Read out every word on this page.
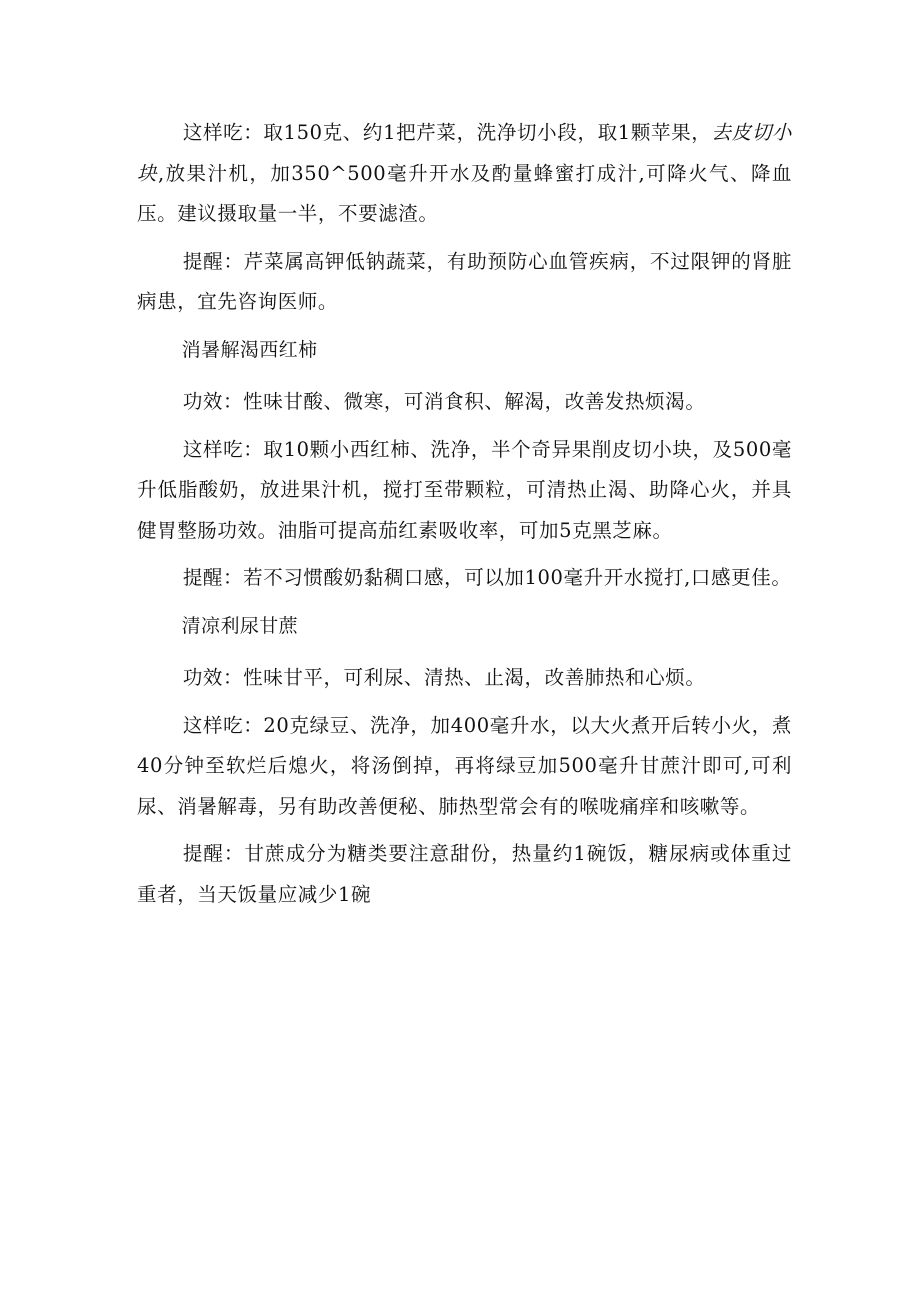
这样吃：取150克、约1把芹菜，洗净切小段，取1颗苹果，去皮切小块,放果汁机，加350^500毫升开水及酌量蜂蜜打成汁,可降火气、降血压。建议摄取量一半，不要滤渣。

提醒：芹菜属高钾低钠蔬菜，有助预防心血管疾病，不过限钾的肾脏病患，宜先咨询医师。

消暑解渴西红柿

功效：性味甘酸、微寒，可消食积、解渴，改善发热烦渴。

这样吃：取10颗小西红柿、洗净，半个奇异果削皮切小块，及500毫升低脂酸奶，放进果汁机，搅打至带颗粒，可清热止渴、助降心火，并具健胃整肠功效。油脂可提高茄红素吸收率，可加5克黑芝麻。

提醒：若不习惯酸奶黏稠口感，可以加100毫升开水搅打,口感更佳。

清凉利尿甘蔗

功效：性味甘平，可利尿、清热、止渴，改善肺热和心烦。

这样吃：20克绿豆、洗净，加400毫升水，以大火煮开后转小火，煮40分钟至软烂后熄火，将汤倒掉，再将绿豆加500毫升甘蔗汁即可,可利尿、消暑解毒，另有助改善便秘、肺热型常会有的喉咙痛痒和咳嗽等。

提醒：甘蔗成分为糖类要注意甜份，热量约1碗饭，糖尿病或体重过重者，当天饭量应减少1碗
